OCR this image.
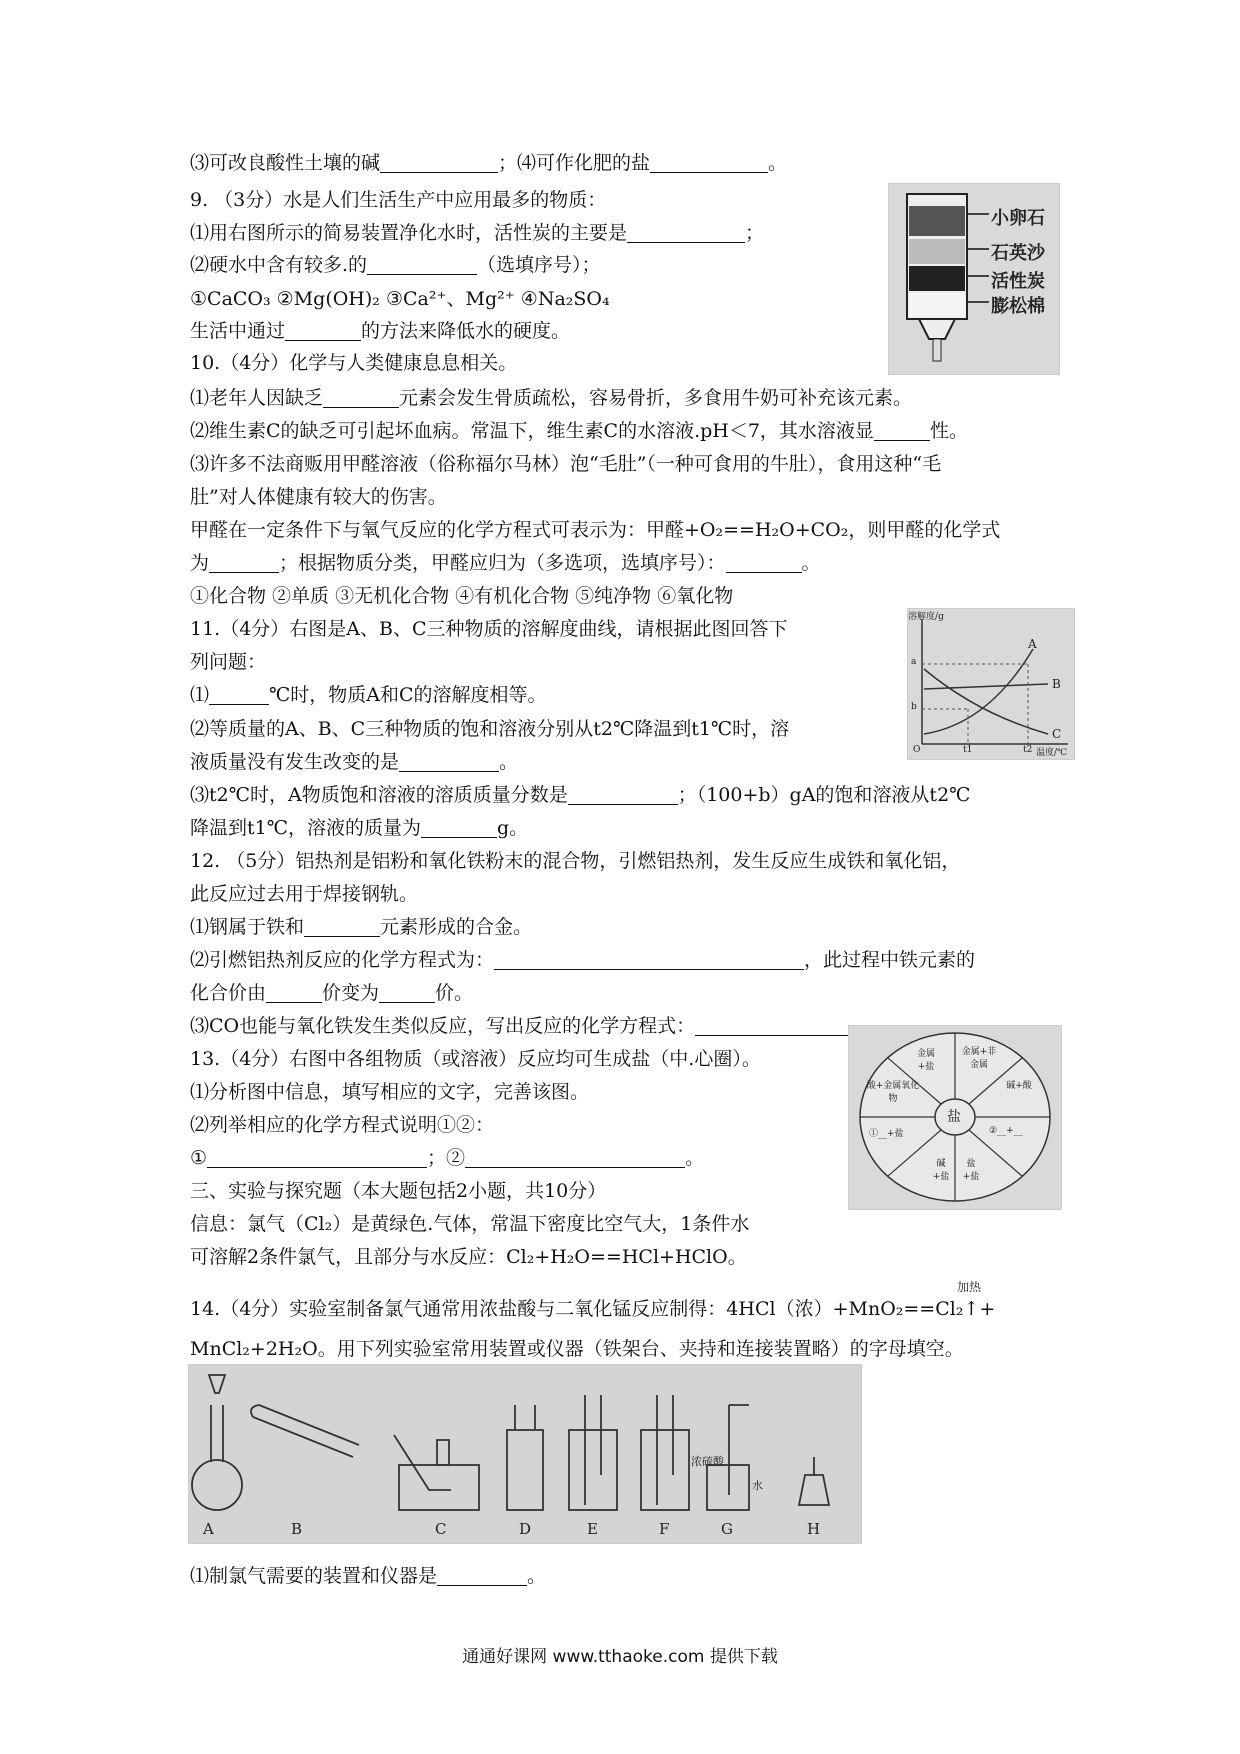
⑶可改良酸性土壤的碱	；⑷可作化肥的盐	。
9. （3分）水是人们生活生产中应用最多的物质：
⑴用右图所示的简易装置净化水时，活性炭的主要是	；
⑵硬水中含有较多.的	（选填序号）；
①CaCO₃ ②Mg(OH)₂ ③Ca²⁺、Mg²⁺ ④Na₂SO₄
生活中通过	的方法来降低水的硬度。
10.（4分）化学与人类健康息息相关。
⑴老年人因缺乏	元素会发生骨质疏松，容易骨折，多食用牛奶可补充该元素。
⑵维生素C的缺乏可引起坏血病。常温下，维生素C的水溶液.pH＜7，其水溶液显	性。
⑶许多不法商贩用甲醛溶液（俗称福尔马林）泡“毛肚”（一种可食用的牛肚），食用这种“毛
肚”对人体健康有较大的伤害。
甲醛在一定条件下与氧气反应的化学方程式可表示为：甲醛+O₂==H₂O+CO₂，则甲醛的化学式
为	；根据物质分类，甲醛应归为（多选项，选填序号）：	。
①化合物 ②单质 ③无机化合物 ④有机化合物 ⑤纯净物 ⑥氧化物
11.（4分）右图是A、B、C三种物质的溶解度曲线，请根据此图回答下
列问题：
⑴	℃时，物质A和C的溶解度相等。
⑵等质量的A、B、C三种物质的饱和溶液分别从t2℃降温到t1℃时，溶
液质量没有发生改变的是	。
⑶t2℃时，A物质饱和溶液的溶质质量分数是	；（100+b）gA的饱和溶液从t2℃
降温到t1℃，溶液的质量为	g。
12. （5分）铝热剂是铝粉和氧化铁粉末的混合物，引燃铝热剂，发生反应生成铁和氧化铝，
此反应过去用于焊接钢轨。
⑴钢属于铁和	元素形成的合金。
⑵引燃铝热剂反应的化学方程式为：	，此过程中铁元素的
化合价由	价变为	价。
⑶CO也能与氧化铁发生类似反应，写出反应的化学方程式：
13.（4分）右图中各组物质（或溶液）反应均可生成盐（中.心圈）。
⑴分析图中信息，填写相应的文字，完善该图。
⑵列举相应的化学方程式说明①②：
①	；②	。
三、实验与探究题（本大题包括2小题，共10分）
信息：氯气（Cl₂）是黄绿色.气体，常温下密度比空气大，1条件水
可溶解2条件氯气，且部分与水反应：Cl₂+H₂O==HCl+HClO。
14.（4分）实验室制备氯气通常用浓盐酸与二氧化锰反应制得：4HCl（浓）+MnO₂==Cl₂↑+
MnCl₂+2H₂O。用下列实验室常用装置或仪器（铁架台、夹持和连接装置略）的字母填空。
⑴制氯气需要的装置和仪器是	。
小卵石
石英沙
活性炭
膨松棉
A
B
C
溶解度/g
a
b
t1	t2 温度/℃
O
盐
金属+盐
金属+非金属
碱+酸
酸+金属氧化物
①__+盐	②__+__
碱+盐
盐+盐
加热
A	B	C	D	E	F	G	H
浓硫酸
水
通通好课网 www.tthaoke.com 提供下载
